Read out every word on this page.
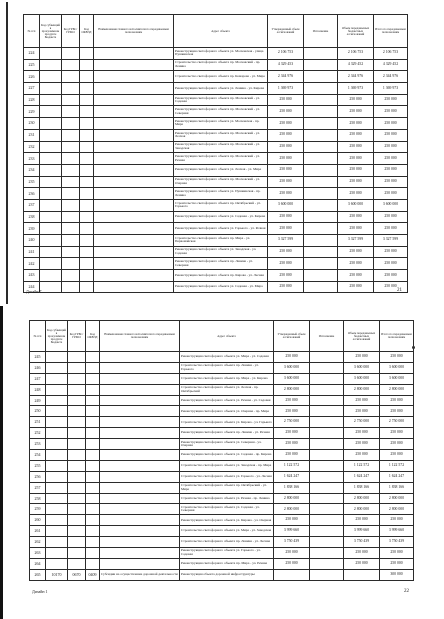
№ п/п	Код субвенций в программном продукте Бюджета	Код ГРБС/ГРМО	Код ОКВЭД	Наименование главного исполнителя по передаваемым полномочиям	Адрес объекта	Утвержденный объем ассигнований	Исполнение	Объем передаваемых бюджетных ассигнований	Итого по передаваемым полномочиям
224					Реконструкция светофорного объекта ул. Московская - улица Пушкинская	2 106 753		2 106 753	2 106 753
225					Строительство светофорного объекта пр. Московский - пр. Ленина	4 329 453		4 329 452	4 329 452
226					Строительство светофорного объекта пр. Комарова - ул. Мира	2 344 976		2 344 976	2 344 976
227					Реконструкция светофорного объекта ул. Ленина - ул. Кирова	1 369 973		1 369 973	1 369 973
228					Реконструкция светофорного объекта пр. Московский - ул. Садовая	250 000		250 000	250 000
229					Реконструкция светофорного объекта пр. Московский - ул. Северная	250 000		250 000	250 000
230					Реконструкция светофорного объекта ул. Московская - пр. Мира	250 000		250 000	250 000
231					Реконструкция светофорного объекта пр. Московский - ул. Лесная	250 000		250 000	250 000
232					Реконструкция светофорного объекта пр. Московский - ул. Заводская	250 000		250 000	250 000
233					Реконструкция светофорного объекта пр. Московский - ул. Речная	250 000		250 000	250 000
234					Реконструкция светофорного объекта ул. Лесная - ул. Мира	250 000		250 000	250 000
235					Реконструкция светофорного объекта пр. Московский - ул. Озерная	250 000		250 000	250 000
236					Реконструкция светофорного объекта ул. Пушкинская - пр. Ленина	250 000		250 000	250 000
237					Строительство светофорного объекта пр. Октябрьский - ул. Горького	3 600 000		3 600 000	3 600 000
238					Реконструкция светофорного объекта ул. Садовая - ул. Кирова	250 000		250 000	250 000
239					Реконструкция светофорного объекта ул. Горького - ул. Речная	250 000		250 000	250 000
240					Строительство светофорного объекта пр. Мира - ул. Первомайская	3 327 599		3 327 599	3 327 599
241					Реконструкция светофорного объекта ул. Заводская - ул. Садовая	250 000		250 000	250 000
242					Реконструкция светофорного объекта пр. Ленина - ул. Северная	250 000		250 000	250 000
243					Реконструкция светофорного объекта пр. Кирова - ул. Лесная	250 000		250 000	250 000
244					Реконструкция светофорного объекта ул. Садовая - ул. Мира	250 000		250 000	250 000
Дизайн 7	21
№ п/п	Код субвенций в программном продукте Бюджета	Код ГРБС/ГРМО	Код ОКВЭД	Наименование главного исполнителя по передаваемым полномочиям	Адрес объекта	Утвержденный объем ассигнований	Исполнение	Объем передаваемых бюджетных ассигнований	Итого по передаваемым полномочиям
245					Реконструкция светофорного объекта ул. Мира - ул. Садовая	250 000		250 000	250 000
246					Строительство светофорного объекта пр. Ленина - ул. Горького	3 600 000		3 600 000	3 600 000
247					Строительство светофорного объекта пр. Мира - ул. Кирова	3 600 000		3 600 000	3 600 000
248					Строительство светофорного объекта ул. Лесная - пр. Октябрьский	2 800 000		2 800 000	2 800 000
249					Реконструкция светофорного объекта ул. Речная - ул. Садовая	250 000		250 000	250 000
250					Реконструкция светофорного объекта ул. Озерная - пр. Мира	250 000		250 000	250 000
251					Строительство светофорного объекта ул. Кирова - ул. Горького	2 750 000		2 750 000	2 750 000
252					Реконструкция светофорного объекта пр. Ленина - ул. Речная	250 000		250 000	250 000
253					Реконструкция светофорного объекта ул. Северная - ул. Озерная	250 000		250 000	250 000
254					Реконструкция светофорного объекта ул. Садовая - пр. Кирова	250 000		250 000	250 000
255					Строительство светофорного объекта ул. Заводская - пр. Мира	1 122 572		1 122 572	1 122 572
256					Строительство светофорного объекта ул. Горького - ул. Лесная	1 624 247		1 624 247	1 624 247
257					Строительство светофорного объекта пр. Октябрьский - ул. Мира	1 838 166		1 838 166	1 838 166
258					Строительство светофорного объекта ул. Речная - пр. Ленина	2 800 000		2 800 000	2 800 000
259					Строительство светофорного объекта ул. Садовая - ул. Северная	2 800 000		2 800 000	2 800 000
260					Реконструкция светофорного объекта ул. Кирова - ул. Озерная	250 000		250 000	250 000
261					Строительство светофорного объекта ул. Мира - ул. Заводская	3 999 660		3 999 660	3 999 660
262					Строительство светофорного объекта пр. Ленина - ул. Лесная	3 750 439		3 750 439	3 750 439
263					Реконструкция светофорного объекта ул. Горького - ул. Садовая	250 000		250 000	250 000
264					Реконструкция светофорного объекта пр. Мира - ул. Речная	250 000		250 000	250 000
265	10170	0670	0409	Субсидии на осуществление дорожной деятельности	Реконструкция объекта дорожной инфраструктуры				300 000
Дизайн 1	22
